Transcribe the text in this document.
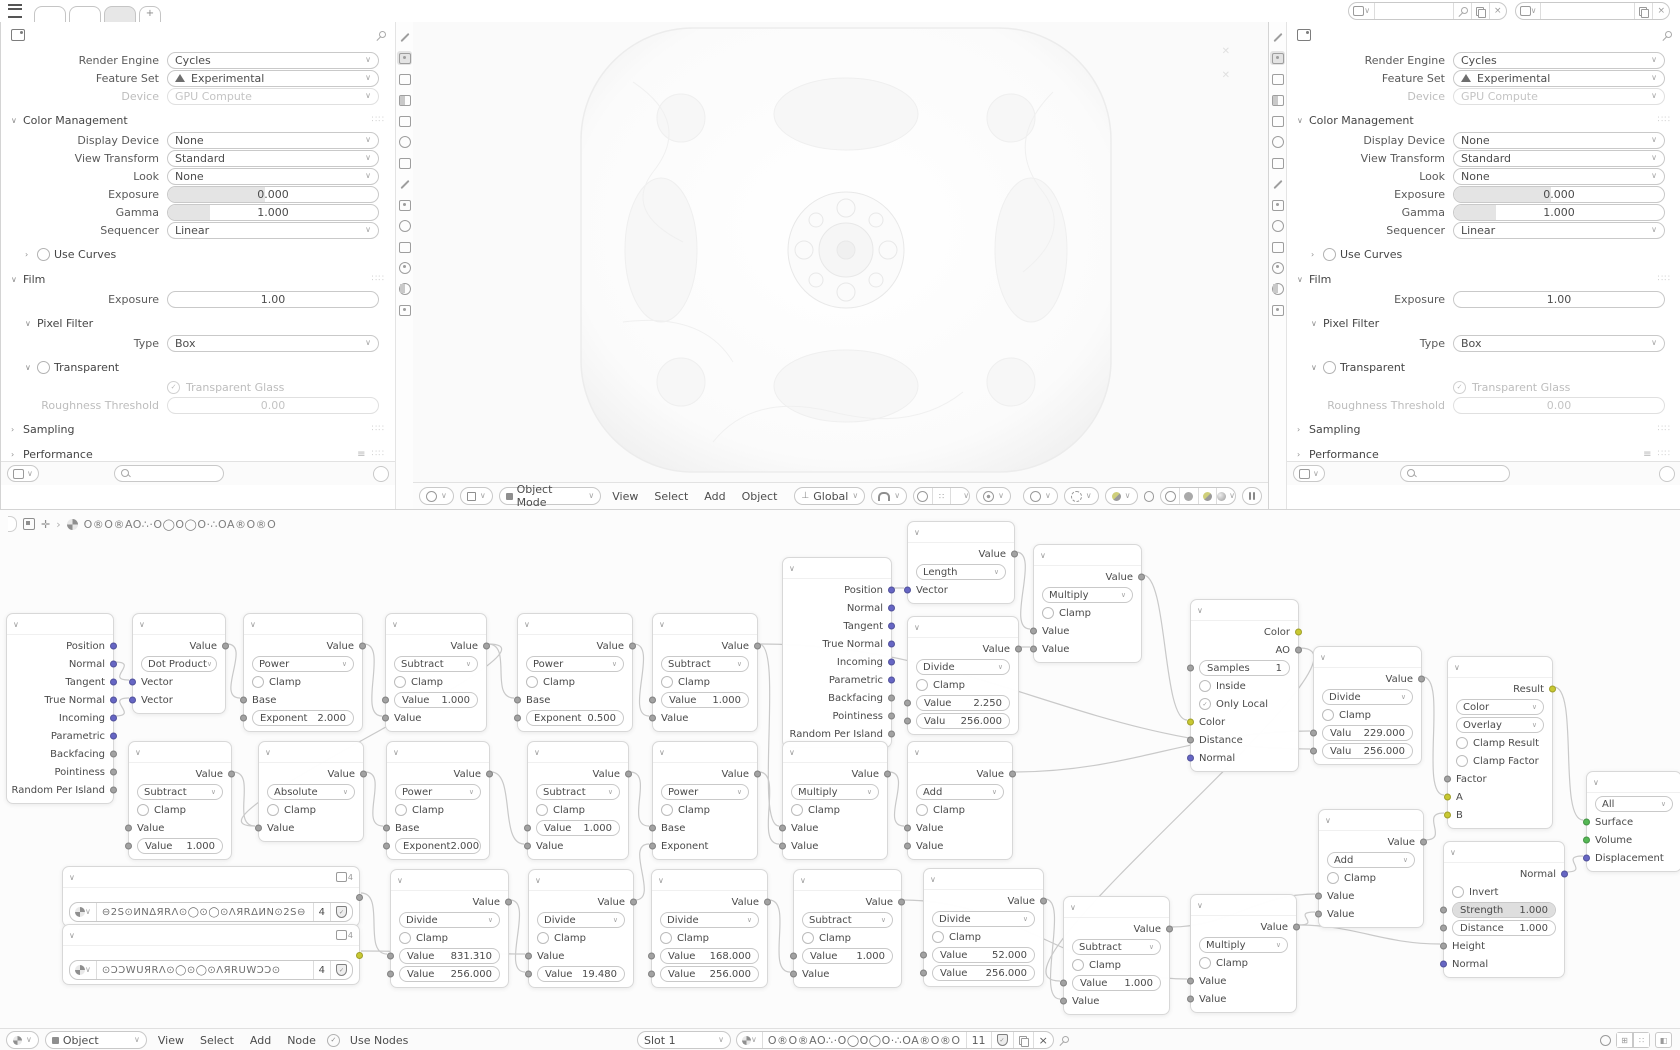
+	∨	×	∨	×
Render Engine	Cycles	∨
Feature Set	Experimental	∨
Device	GPU Compute	∨
∨ Color Management	∷∷
Display Device	None	∨
View Transform	Standard	∨
Look	None	∨
Exposure	0.000
Gamma	1.000
Sequencer	Linear	∨
›	Use Curves
∨ Film	∷∷
Exposure	1.00
∨ Pixel Filter
Type	Box	∨
∨	Transparent
✓ Transparent Glass
Roughness Threshold	0.00
› Sampling	∷∷
› Performance	≡ ∷∷
∨
✕
✕
∨	∨	Object Mode
∨	View	Select	Add	Object	⊥ Global ∨	∨	∷ ∨	∨	∨	∨	∨	∨
Render Engine	Cycles	∨
Feature Set	Experimental	∨
Device	GPU Compute	∨
∨ Color Management	∷∷
Display Device	None	∨
View Transform	Standard	∨
Look	None	∨
Exposure	0.000
Gamma	1.000
Sequencer	Linear	∨
›	Use Curves
∨ Film	∷∷
Exposure	1.00
∨ Pixel Filter
Type	Box	∨
∨	Transparent
✓ Transparent Glass
Roughness Threshold	0.00
› Sampling	∷∷
› Performance	≡ ∷∷
∨
✛ › O®O®AO∴·O◯O◯O·∴OA®O®O
∨
Position
Normal
Tangent
True Normal
Incoming
Parametric
Backfacing
Pointiness
Random Per Island
∨
Value
Dot Product ∨
Vector
Vector
∨
Value
Power	∨
Clamp
Base
Exponent 2.000
∨
Value
Subtract	∨
Clamp
Value 1.000
Value
∨
Value
Power	∨
Clamp
Base
Exponent 0.500
∨
Value
Subtract	∨
Clamp
Value 1.000
Value
∨
Position
Normal
Tangent
True Normal
Incoming
Parametric
Backfacing
Pointiness
Random Per Island
∨
Value
Divide	∨
Clamp
Value 2.250
Valu 256.000
∨
Value
Length	∨
Vector
∨
Value
Multiply	∨
Clamp
Value
Value
∨
Color
AO
Samples	1
Inside
✓ Only Local
Color
Distance
Normal
∨
Value
Divide	∨
Clamp
Valu 229.000
Valu 256.000
∨
Result
Color	∨
Overlay	∨
Clamp Result
Clamp Factor
Factor
A
B
∨
All	∨
Surface
Volume
Displacement
∨
Value
Subtract	∨
Clamp
Value
Value 1.000
∨
Value
Absolute	∨
Clamp
Value
∨
Value
Power	∨
Clamp
Base
Exponent 2.000
∨
Value
Subtract	∨
Clamp
Value 1.000
Value
∨
Value
Power	∨
Clamp
Base
Exponent
∨
Value
Multiply	∨
Clamp
Value
Value
∨
Value
Add	∨
Clamp
Value
Value
∨
Value
Add	∨
Clamp
Value
Value
∨
Normal
Invert
Strength 1.000
Distance 1.000
Height
Normal
∨	4
∨	⊖2S⊙ИΝΔЯRΛ⊙◯⊙◯⊙ΛЯRΔИΝ⊙2S⊖	4	✓
∨	4
∨	⊙ƆƆWUЯRΛ⊙◯⊙◯⊙ΛЯRUWƆƆ⊙	4	✓
∨
Value
Divide	∨
Clamp
Value 831.310
Value 256.000
∨
Value
Divide	∨
Clamp
Value
Value 19.480
∨
Value
Divide	∨
Clamp
Value 168.000
Value 256.000
∨
Value
Subtract	∨
Clamp
Value 1.000
Value
∨
Value
Divide	∨
Clamp
Value 52.000
Value 256.000
∨
Value
Subtract	∨
Clamp
Value 1.000
Value
∨
Value
Multiply	∨
Clamp
Value
Value
∨	Object	∨	View	Select	Add	Node	✓	Use Nodes	Slot 1	∨	∨	O®O®AO∴·O◯O◯O·∴OA®O®O	11	✓	×	⊞	∷	◧
